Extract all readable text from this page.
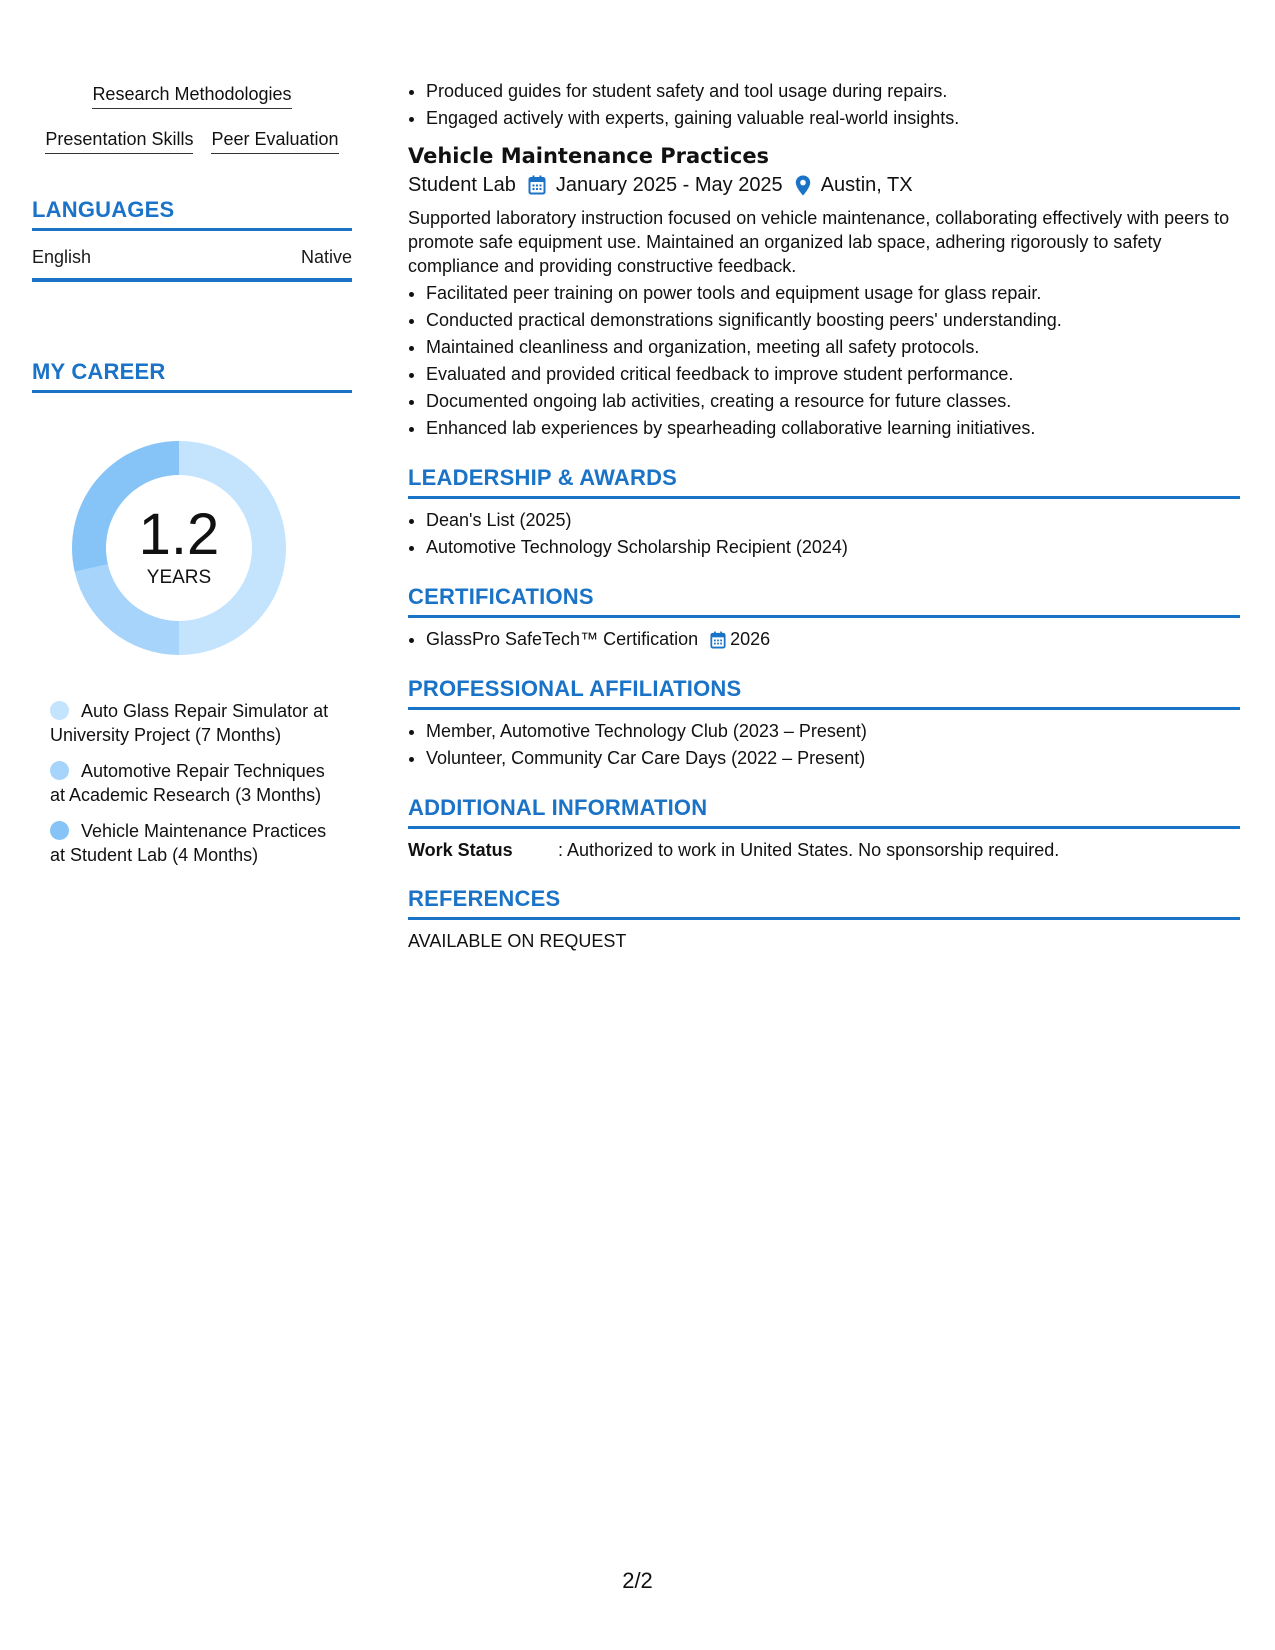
Research Methodologies
Presentation Skills Peer Evaluation
LANGUAGES
English	Native
MY CAREER
1.2
YEARS
Auto Glass Repair Simulator at University Project (7 Months)
Automotive Repair Techniques at Academic Research (3 Months)
Vehicle Maintenance Practices at Student Lab (4 Months)
• Produced guides for student safety and tool usage during repairs.
• Engaged actively with experts, gaining valuable real-world insights.
Vehicle Maintenance Practices
Student Lab January 2025 - May 2025 Austin, TX

Supported laboratory instruction focused on vehicle maintenance, collaborating effectively with peers to promote safe equipment use. Maintained an organized lab space, adhering rigorously to safety compliance and providing constructive feedback.

• Facilitated peer training on power tools and equipment usage for glass repair.
• Conducted practical demonstrations significantly boosting peers' understanding.
• Maintained cleanliness and organization, meeting all safety protocols.
• Evaluated and provided critical feedback to improve student performance.
• Documented ongoing lab activities, creating a resource for future classes.
• Enhanced lab experiences by spearheading collaborative learning initiatives.
LEADERSHIP & AWARDS
• Dean's List (2025)
• Automotive Technology Scholarship Recipient (2024)
CERTIFICATIONS
• GlassPro SafeTech™ Certification 2026
PROFESSIONAL AFFILIATIONS
• Member, Automotive Technology Club (2023 – Present)
• Volunteer, Community Car Care Days (2022 – Present)
ADDITIONAL INFORMATION
Work Status	: Authorized to work in United States. No sponsorship required.
REFERENCES
AVAILABLE ON REQUEST
2/2
